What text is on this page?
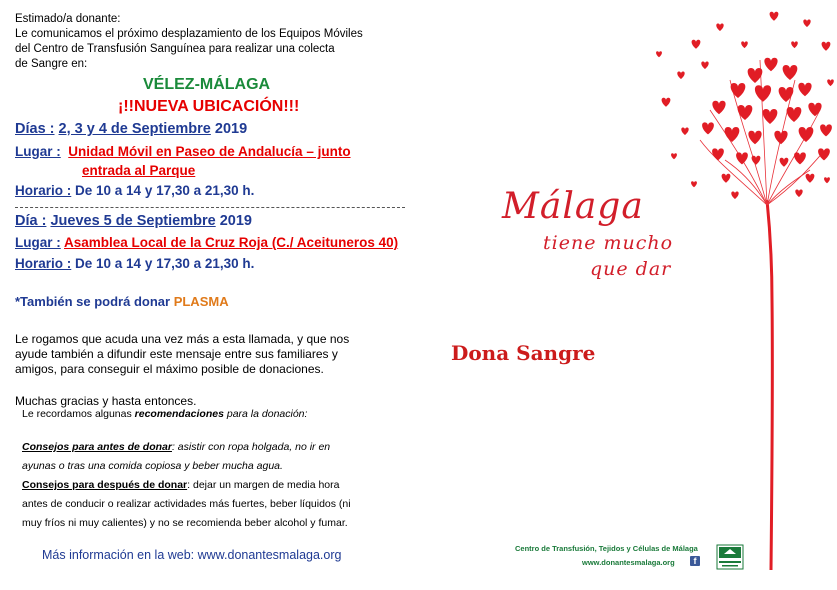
Estimado/a donante:
Le comunicamos el próximo desplazamiento de los Equipos Móviles
del Centro de Transfusión Sanguínea para realizar una colecta
de Sangre en:
VÉLEZ-MÁLAGA
¡!!NUEVA UBICACIÓN!!!
Días : 2, 3 y 4 de Septiembre 2019
Lugar : Unidad Móvil en Paseo de Andalucía – junto
entrada al Parque
Horario : De 10 a 14 y 17,30 a 21,30 h.
Día : Jueves 5 de Septiembre 2019
Lugar : Asamblea Local de la Cruz Roja (C./ Aceituneros 40)
Horario : De 10 a 14 y 17,30 a 21,30 h.
*También se podrá donar PLASMA
Le rogamos que acuda una vez más a esta llamada, y que nos
ayude también a difundir este mensaje entre sus familiares y
amigos, para conseguir el máximo posible de donaciones.
Muchas gracias y hasta entonces.
Le recordamos algunas recomendaciones para la donación:
Consejos para antes de donar: asistir con ropa holgada, no ir en
ayunas o tras una comida copiosa y beber mucha agua.
Consejos para después de donar: dejar un margen de media hora
antes de conducir o realizar actividades más fuertes, beber líquidos (ni
muy fríos ni muy calientes) y no se recomienda beber alcohol y fumar.
Más información en la web: www.donantesmalaga.org
Málaga
tiene mucho
que dar
Dona Sangre
Centro de Transfusión, Tejidos y Células de Málaga
www.donantesmalaga.org	f
